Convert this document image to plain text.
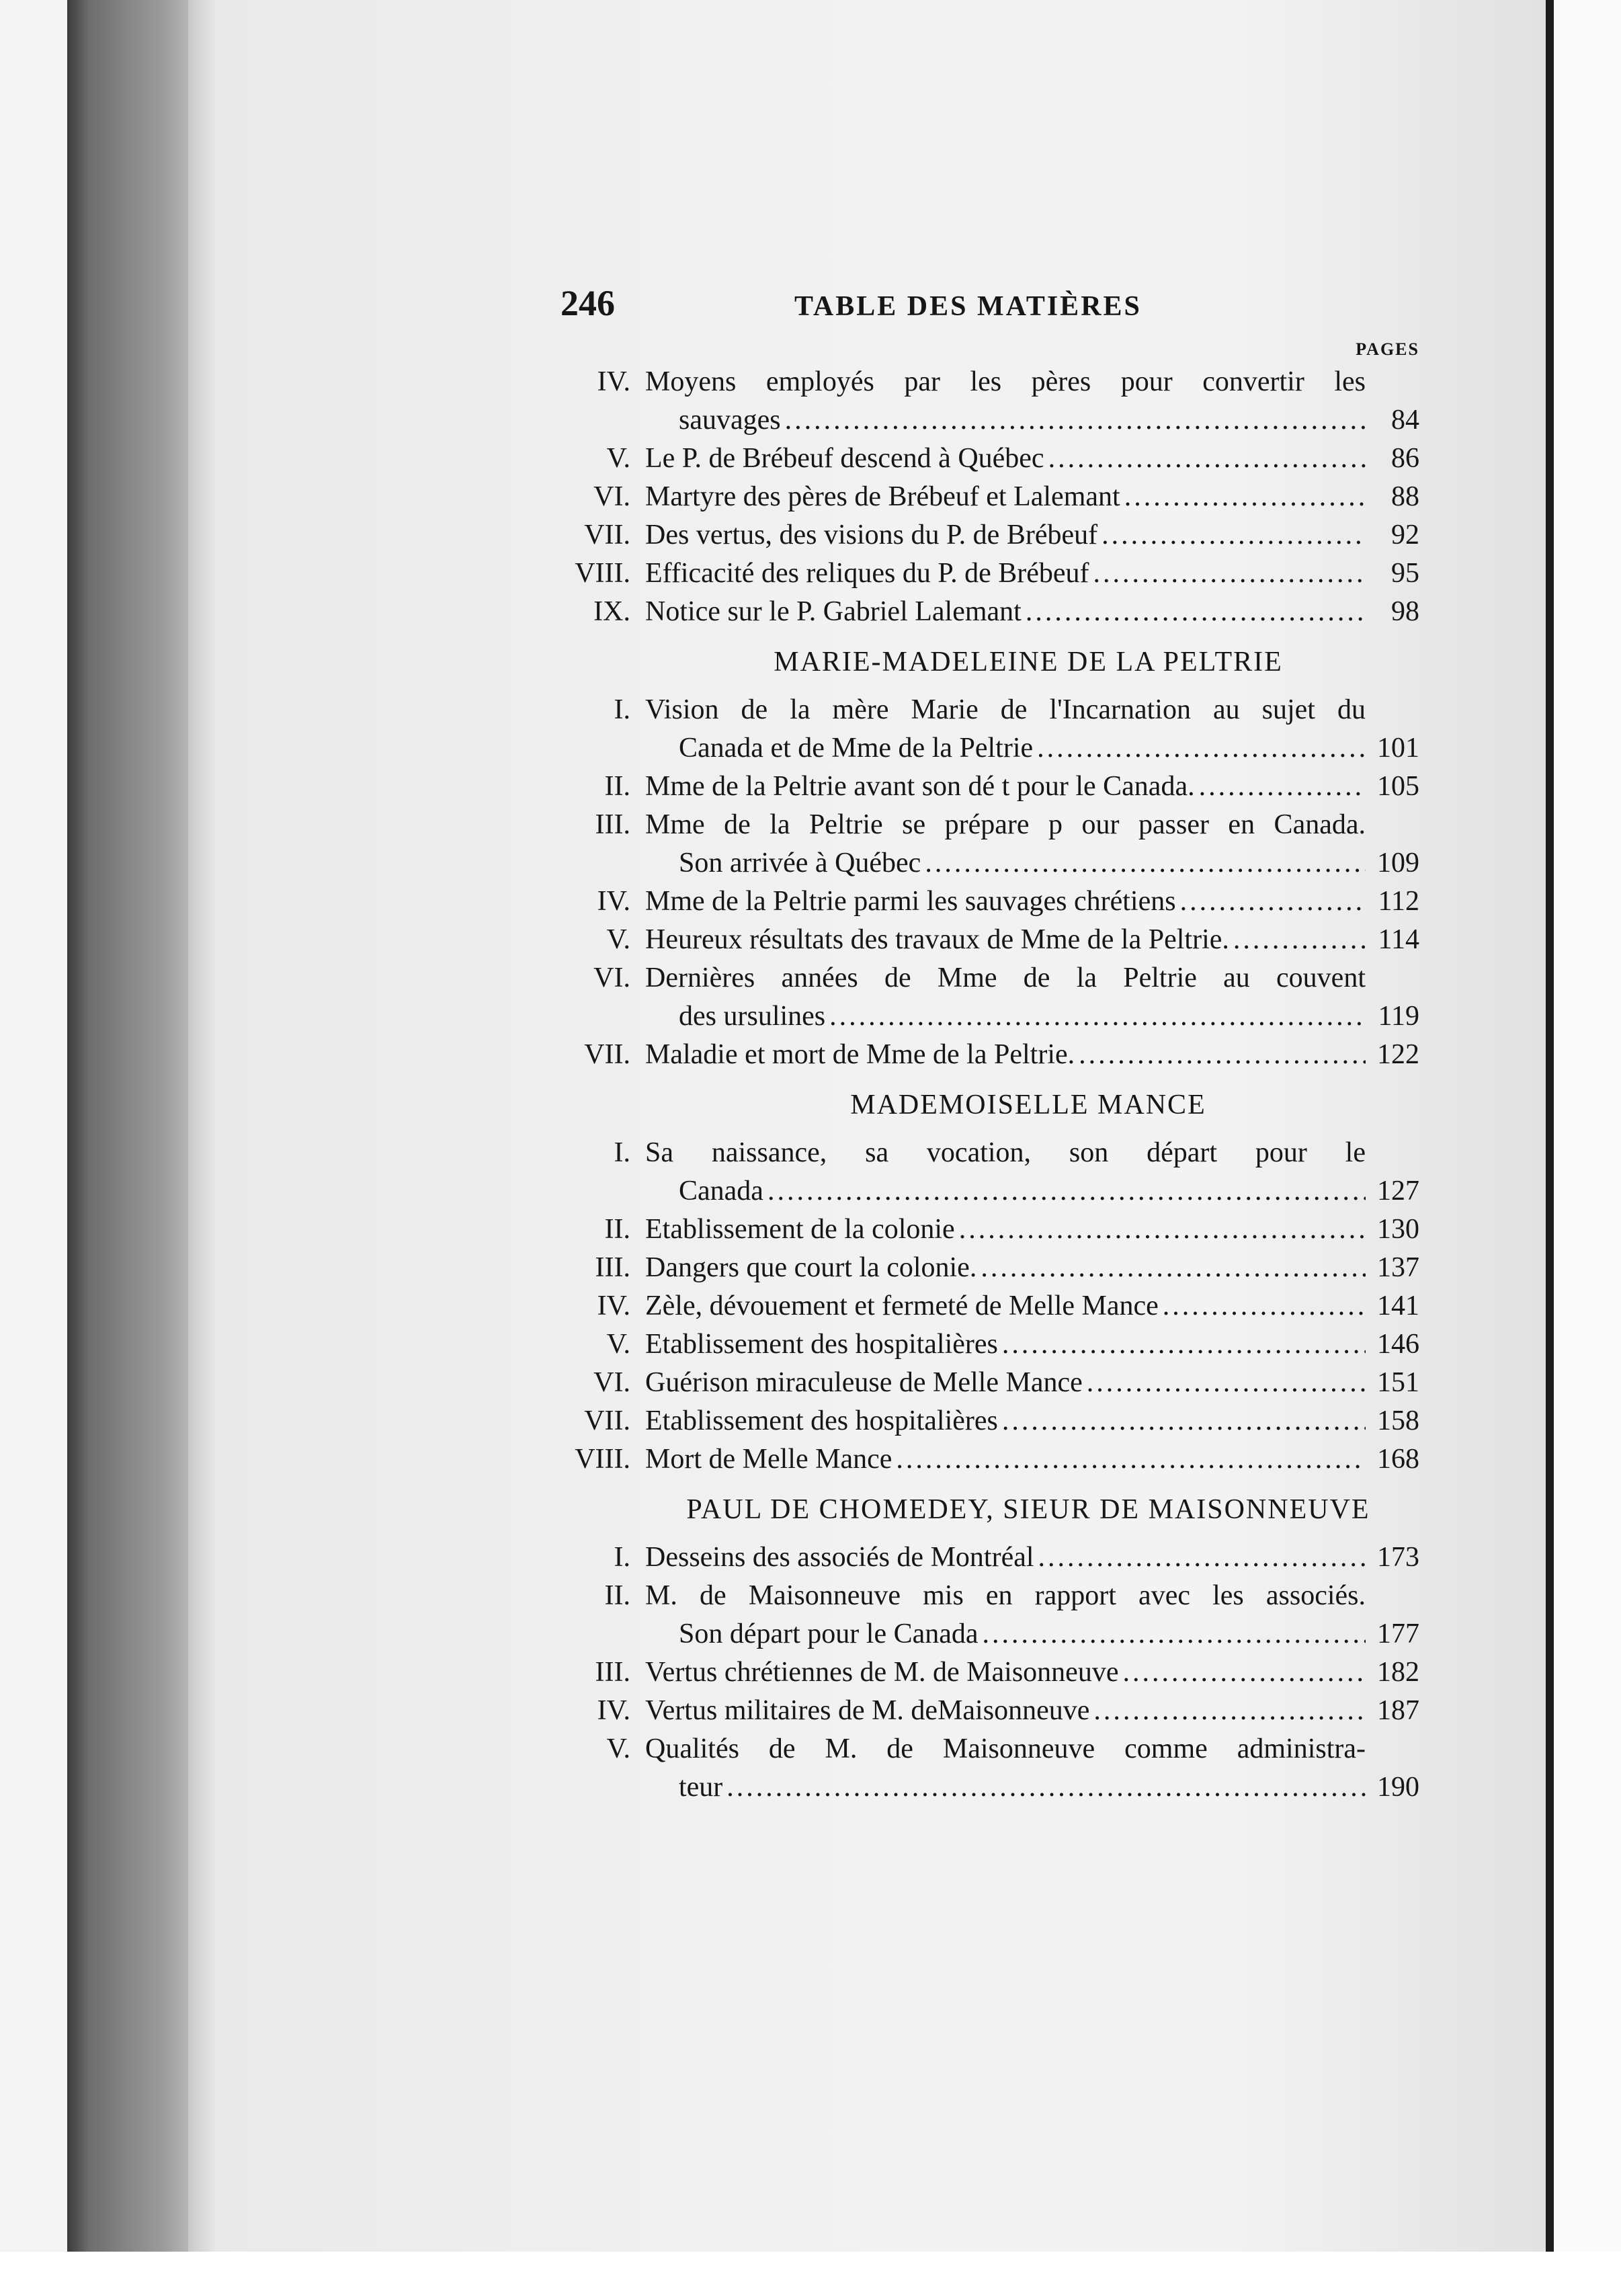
246	TABLE DES MATIÈRES
PAGES
IV. Moyens employés par les pères pour convertir les
sauvages .....	84
V. Le P. de Brébeuf descend à Québec .....	86
VI. Martyre des pères de Brébeuf et Lalemant .....	88
VII. Des vertus, des visions du P. de Brébeuf .....	92
VIII. Efficacité des reliques du P. de Brébeuf .....	95
IX. Notice sur le P. Gabriel Lalemant .....	98
MARIE-MADELEINE DE LA PELTRIE
I. Vision de la mère Marie de l'Incarnation au sujet du
Canada et de Mme de la Peltrie .....	101
II. Mme de la Peltrie avant son dé t pour le Canada. .....	105
III. Mme de la Peltrie se prépare p our passer en Canada.
Son arrivée à Québec .....	109
IV. Mme de la Peltrie parmi les sauvages chrétiens .....	112
V. Heureux résultats des travaux de Mme de la Peltrie. .....	114
VI. Dernières années de Mme de la Peltrie au couvent
des ursulines .....	119
VII. Maladie et mort de Mme de la Peltrie. .....	122
MADEMOISELLE MANCE
I. Sa naissance, sa vocation, son départ pour le
Canada .....	127
II. Etablissement de la colonie .....	130
III. Dangers que court la colonie. .....	137
IV. Zèle, dévouement et fermeté de Melle Mance .....	141
V. Etablissement des hospitalières .....	146
VI. Guérison miraculeuse de Melle Mance .....	151
VII. Etablissement des hospitalières .....	158
VIII. Mort de Melle Mance .....	168
PAUL DE CHOMEDEY, SIEUR DE MAISONNEUVE
I. Desseins des associés de Montréal .....	173
II. M. de Maisonneuve mis en rapport avec les associés.
Son départ pour le Canada .....	177
III. Vertus chrétiennes de M. de Maisonneuve .....	182
IV. Vertus militaires de M. deMaisonneuve .....	187
V. Qualités de M. de Maisonneuve comme administra-
teur .....	190
